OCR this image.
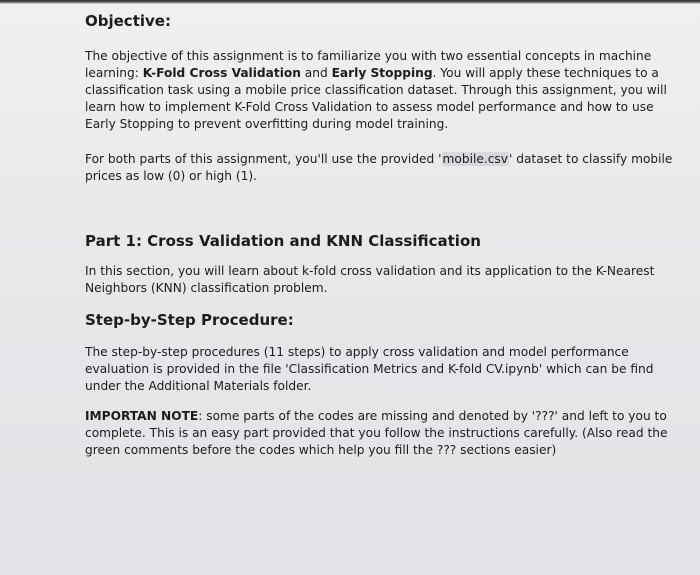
Objective:

The objective of this assignment is to familiarize you with two essential concepts in machine learning: K-Fold Cross Validation and Early Stopping. You will apply these techniques to a classification task using a mobile price classification dataset. Through this assignment, you will learn how to implement K-Fold Cross Validation to assess model performance and how to use Early Stopping to prevent overfitting during model training.

For both parts of this assignment, you'll use the provided 'mobile.csv' dataset to classify mobile prices as low (0) or high (1).

Part 1: Cross Validation and KNN Classification

In this section, you will learn about k-fold cross validation and its application to the K-Nearest Neighbors (KNN) classification problem.

Step-by-Step Procedure:

The step-by-step procedures (11 steps) to apply cross validation and model performance evaluation is provided in the file 'Classification Metrics and K-fold CV.ipynb' which can be find under the Additional Materials folder.

IMPORTAN NOTE: some parts of the codes are missing and denoted by '???' and left to you to complete. This is an easy part provided that you follow the instructions carefully. (Also read the green comments before the codes which help you fill the ??? sections easier)
